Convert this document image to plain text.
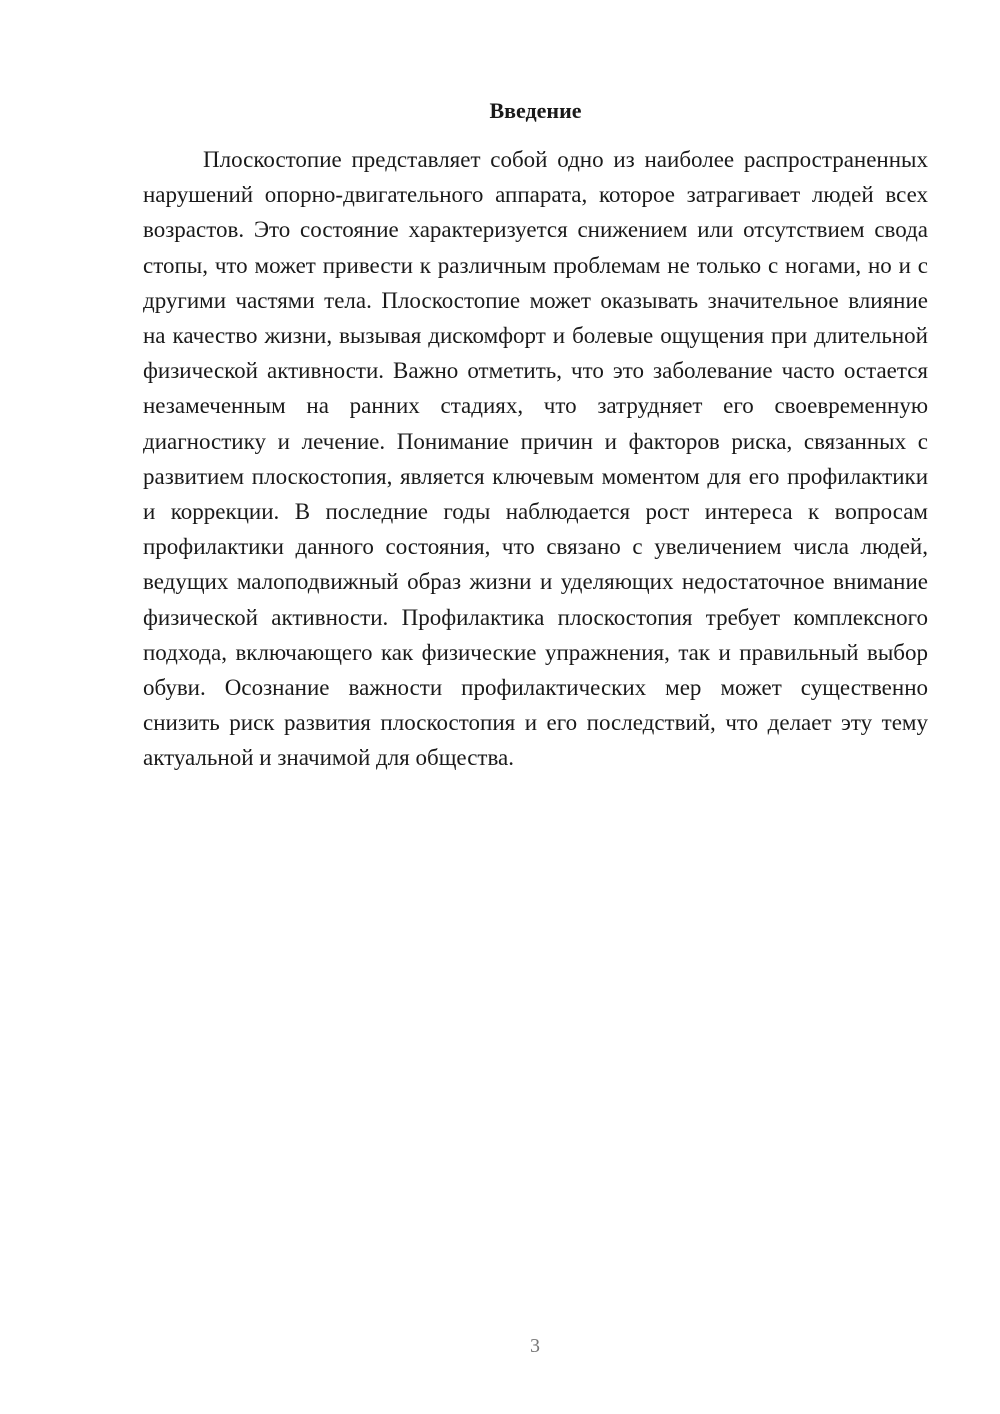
Введение

Плоскостопие представляет собой одно из наиболее распространенных нарушений опорно-двигательного аппарата, которое затрагивает людей всех возрастов. Это состояние характеризуется снижением или отсутствием свода стопы, что может привести к различным проблемам не только с ногами, но и с другими частями тела. Плоскостопие может оказывать значительное влияние на качество жизни, вызывая дискомфорт и болевые ощущения при длительной физической активности. Важно отметить, что это заболевание часто остается незамеченным на ранних стадиях, что затрудняет его своевременную диагностику и лечение. Понимание причин и факторов риска, связанных с развитием плоскостопия, является ключевым моментом для его профилактики и коррекции. В последние годы наблюдается рост интереса к вопросам профилактики данного состояния, что связано с увеличением числа людей, ведущих малоподвижный образ жизни и уделяющих недостаточное внимание физической активности. Профилактика плоскостопия требует комплексного подхода, включающего как физические упражнения, так и правильный выбор обуви. Осознание важности профилактических мер может существенно снизить риск развития плоскостопия и его последствий, что делает эту тему актуальной и значимой для общества.

3
